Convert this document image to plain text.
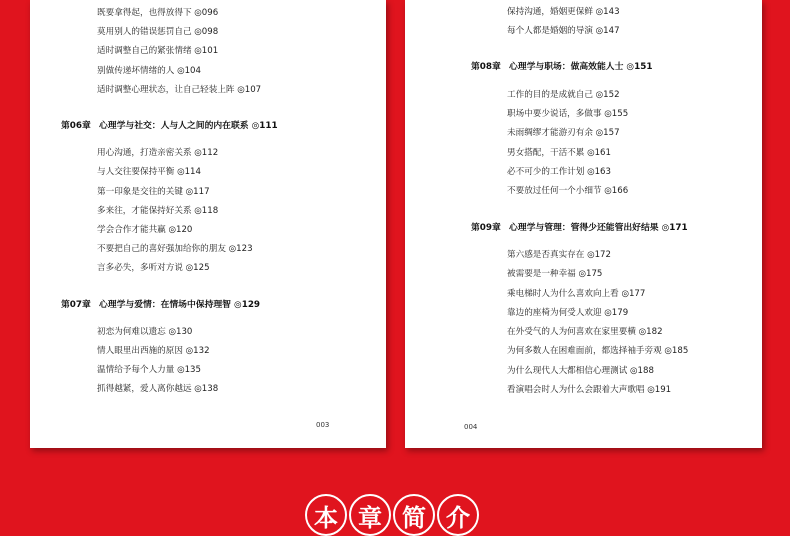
既要拿得起，也得放得下 ◎096
莫用别人的错误惩罚自己 ◎098
适时调整自己的紧张情绪 ◎101
别做传递坏情绪的人 ◎104
适时调整心理状态，让自己轻装上阵 ◎107
第06章 心理学与社交：人与人之间的内在联系 ◎111
用心沟通，打造亲密关系 ◎112
与人交往要保持平衡 ◎114
第一印象是交往的关键 ◎117
多来往，才能保持好关系 ◎118
学会合作才能共赢 ◎120
不要把自己的喜好强加给你的朋友 ◎123
言多必失，多听对方说 ◎125
第07章 心理学与爱情：在情场中保持理智 ◎129
初恋为何难以遗忘 ◎130
情人眼里出西施的原因 ◎132
温情给予每个人力量 ◎135
抓得越紧，爱人离你越远 ◎138
003
保持沟通，婚姻更保鲜 ◎143
每个人都是婚姻的导演 ◎147
第08章 心理学与职场：做高效能人士 ◎151
工作的目的是成就自己 ◎152
职场中要少说话，多做事 ◎155
未雨绸缪才能游刃有余 ◎157
男女搭配，干活不累 ◎161
必不可少的工作计划 ◎163
不要放过任何一个小细节 ◎166
第09章 心理学与管理：管得少还能管出好结果 ◎171
第六感是否真实存在 ◎172
被需要是一种幸福 ◎175
乘电梯时人为什么喜欢向上看 ◎177
靠边的座椅为何受人欢迎 ◎179
在外受气的人为何喜欢在家里要横 ◎182
为何多数人在困难面前，都选择袖手旁观 ◎185
为什么现代人大都相信心理测试 ◎188
看演唱会时人为什么会跟着大声歌唱 ◎191
004
本 章 简 介
